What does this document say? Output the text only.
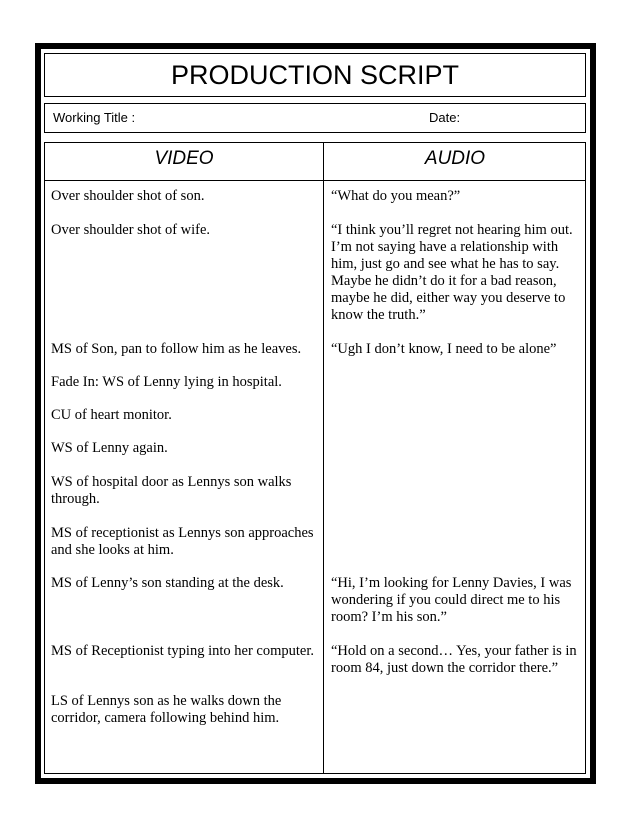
PRODUCTION SCRIPT
Working Title :	Date:
VIDEO	AUDIO

Over shoulder shot of son.	“What do you mean?”

Over shoulder shot of wife.	“I think you’ll regret not hearing him out. I’m not saying have a relationship with him, just go and see what he has to say. Maybe he didn’t do it for a bad reason, maybe he did, either way you deserve to know the truth.”

MS of Son, pan to follow him as he leaves.	“Ugh I don’t know, I need to be alone”

Fade In: WS of Lenny lying in hospital.

CU of heart monitor.

WS of Lenny again.

WS of hospital door as Lennys son walks through.

MS of receptionist as Lennys son approaches and she looks at him.

MS of Lenny’s son standing at the desk.	“Hi, I’m looking for Lenny Davies, I was wondering if you could direct me to his room? I’m his son.”

MS of Receptionist typing into her computer.	“Hold on a second… Yes, your father is in room 84, just down the corridor there.”

LS of Lennys son as he walks down the corridor, camera following behind him.
